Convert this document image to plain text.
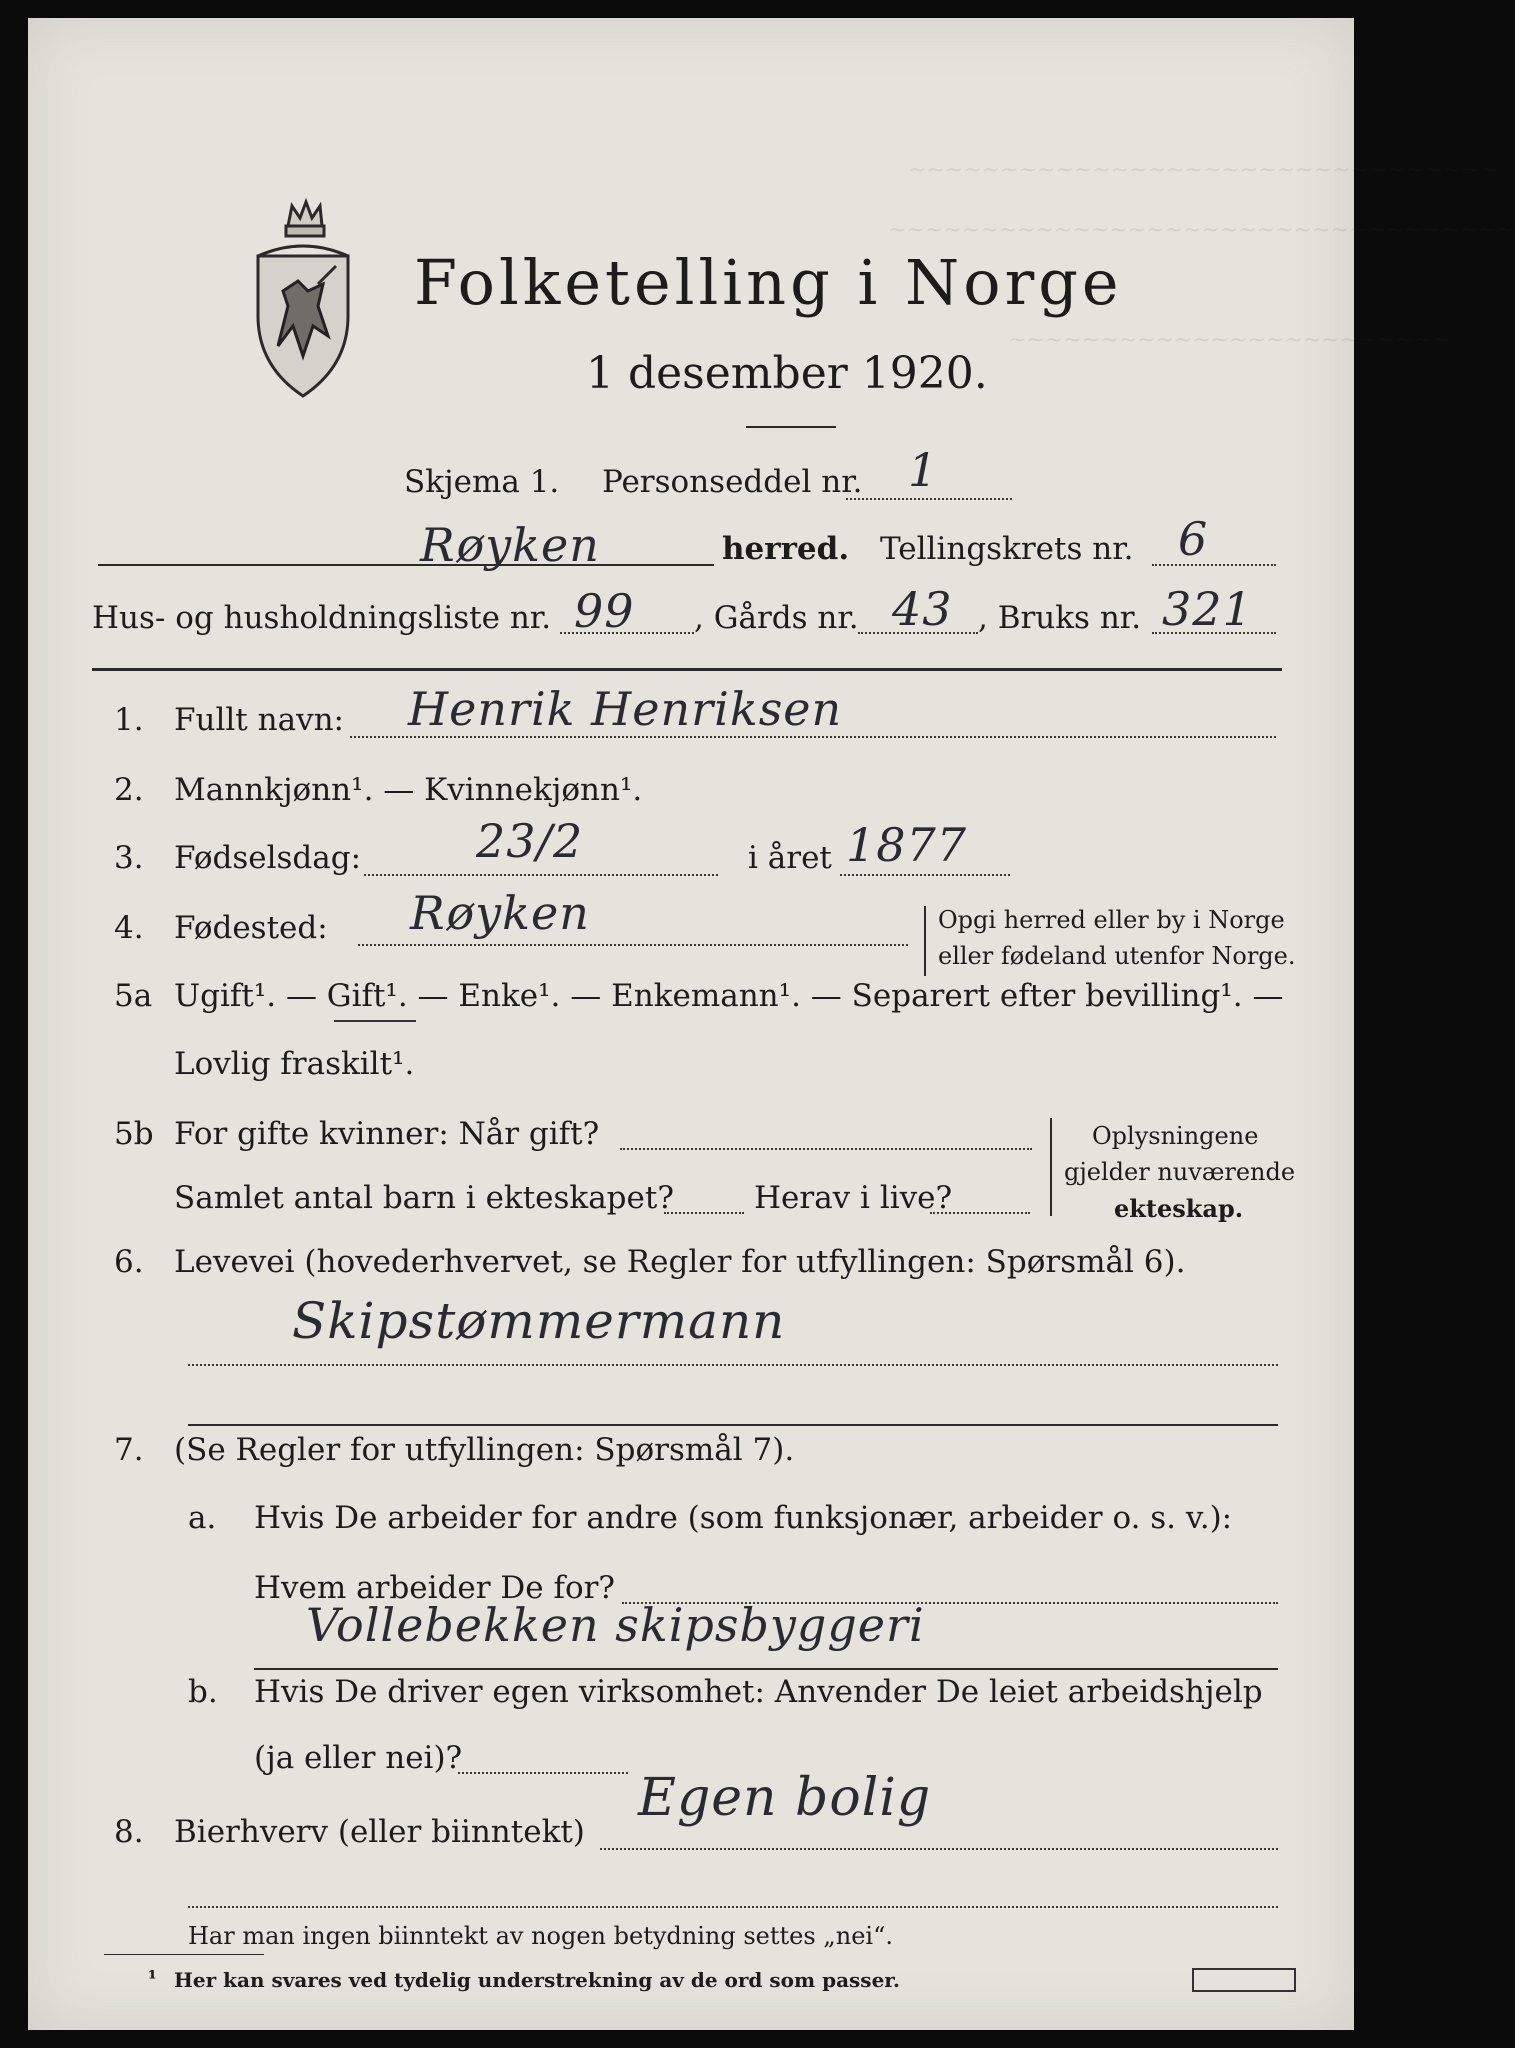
~~~~~~~~~~~~~~~~~~~~~~~~~~~~~~~~
~~~~~~~~~~~~~~~~~~~~~~~~~~~~~~~~~~
~~~~~~~~~~~~~~~~~~~~~~~~
Folketelling i Norge
1 desember 1920.
Skjema 1. Personseddel nr. 1
Røyken	herred. Tellingskrets nr. 6
Hus- og husholdningsliste nr. 99 , Gårds nr. 43 , Bruks nr. 321
1. Fullt navn: Henrik Henriksen
2. Mannkjønn¹. — Kvinnekjønn¹.
3. Fødselsdag: 23/2	i året 1877
4. Fødested: Røyken	Opgi herred eller by i Norge
eller fødeland utenfor Norge.
5a Ugift¹. — Gift¹. — Enke¹. — Enkemann¹. — Separert efter bevilling¹. —
Lovlig fraskilt¹.
5b For gifte kvinner: Når gift?
Samlet antal barn i ekteskapet?	Herav i live?
Oplysningene
gjelder nuværende
ekteskap.
6. Levevei (hovederhvervet, se Regler for utfyllingen: Spørsmål 6).
Skipstømmermann
7. (Se Regler for utfyllingen: Spørsmål 7).
a. Hvis De arbeider for andre (som funksjonær, arbeider o. s. v.):
Hvem arbeider De for?
Vollebekken skipsbyggeri
b. Hvis De driver egen virksomhet: Anvender De leiet arbeidshjelp
(ja eller nei)?
8. Bierhverv (eller biinntekt)
Egen bolig
Har man ingen biinntekt av nogen betydning settes „nei“.
¹ Her kan svares ved tydelig understrekning av de ord som passer.
